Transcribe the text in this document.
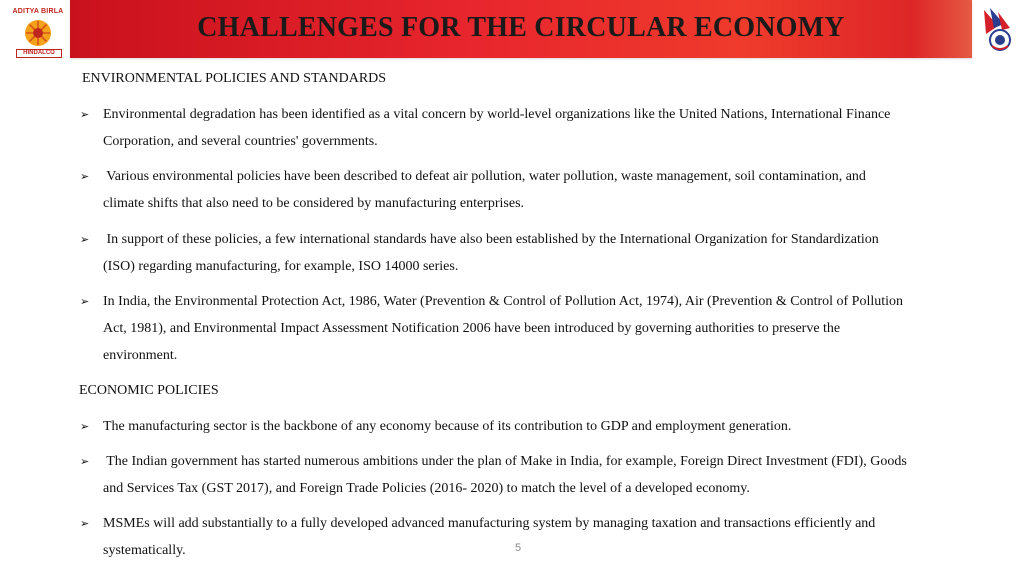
ADITYA BIRLA
HINDALCO
CHALLENGES FOR THE CIRCULAR ECONOMY
ENVIRONMENTAL POLICIES AND STANDARDS
➢ Environmental degradation has been identified as a vital concern by world-level organizations like the United Nations, International Finance
Corporation, and several countries' governments.
➢ Various environmental policies have been described to defeat air pollution, water pollution, waste management, soil contamination, and
climate shifts that also need to be considered by manufacturing enterprises.
➢ In support of these policies, a few international standards have also been established by the International Organization for Standardization
(ISO) regarding manufacturing, for example, ISO 14000 series.
➢ In India, the Environmental Protection Act, 1986, Water (Prevention & Control of Pollution Act, 1974), Air (Prevention & Control of Pollution
Act, 1981), and Environmental Impact Assessment Notification 2006 have been introduced by governing authorities to preserve the
environment.
ECONOMIC POLICIES
➢ The manufacturing sector is the backbone of any economy because of its contribution to GDP and employment generation.
➢ The Indian government has started numerous ambitions under the plan of Make in India, for example, Foreign Direct Investment (FDI), Goods
and Services Tax (GST 2017), and Foreign Trade Policies (2016- 2020) to match the level of a developed economy.
➢ MSMEs will add substantially to a fully developed advanced manufacturing system by managing taxation and transactions efficiently and
systematically.	5
